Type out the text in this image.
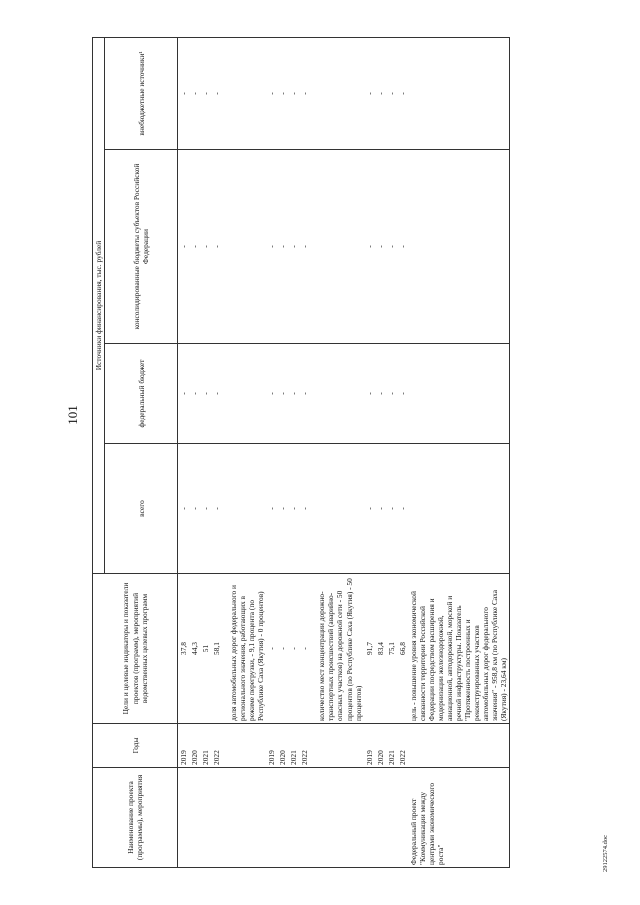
101
Наименование проекта (программы), мероприятия	Годы	Цели и целевые индикаторы и показатели проектов (программ), мероприятий ведомственных целевых программ	Источники финансирования, тыс. рублей			
			всего	федеральный бюджет	консолидированные бюджеты субъектов Российской Федерации	внебюджетные источники¹
	2019	37,8	-	-	-	-
	2020	44,3	-	-	-	-
	2021	51	-	-	-	-
	2022	58,1	-	-	-	-

		доля автомобильных дорог федерального и регионального значения, работающих в режиме перегрузки, - 9,1 процента (по Республике Саха (Якутия) - 0 процентов)				
	2019	-	-	-	-	-
	2020	-	-	-	-	-
	2021	-	-	-	-	-
	2022	-	-	-	-	-

		количество мест концентрации дорожно-транспортных происшествий (аварийно-опасных участков) на дорожной сети - 50 процентов (по Республике Саха (Якутия) - 50 процентов)				
	2019	91,7	-	-	-	-
	2020	83,4	-	-	-	-
	2021	75,1	-	-	-	-
	2022	66,8	-	-	-	-
Федеральный проект "Коммуникации между центрами экономического роста"		цель - повышение уровня экономической связанности территории Российской Федерации посредством расширения и модернизации железнодорожной, авиационной, автодорожной, морской и речной инфраструктуры. Показатель "Протяженность построенных и реконструированных участков автомобильных дорог федерального значения" - 958,8 км (по Республике Саха (Якутия) - 23,64 км)				
29122574.doc
